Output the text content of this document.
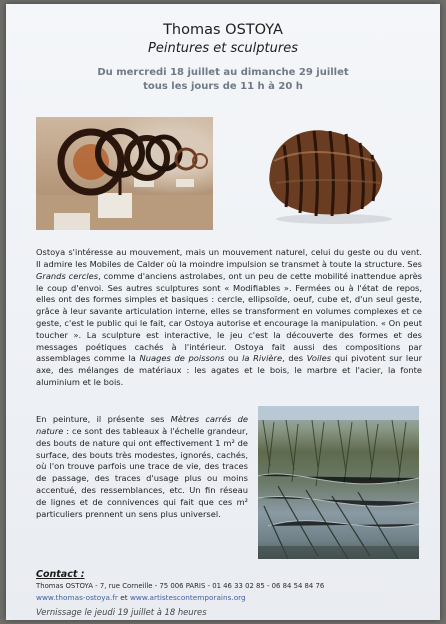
Thomas OSTOYA
Peintures et sculptures
Du mercredi 18 juillet au dimanche 29 juillet
tous les jours de 11 h à 20 h

Ostoya s'intéresse au mouvement, mais un mouvement naturel, celui du geste ou du vent. Il admire les Mobiles de Calder où la moindre impulsion se transmet à toute la structure. Ses Grands cercles, comme d'anciens astrolabes, ont un peu de cette mobilité inattendue après le coup d'envoi. Ses autres sculptures sont « Modifiables ». Fermées ou à l'état de repos, elles ont des formes simples et basiques : cercle, ellipsoïde, oeuf, cube et, d'un seul geste, grâce à leur savante articulation interne, elles se transforment en volumes complexes et ce geste, c'est le public qui le fait, car Ostoya autorise et encourage la manipulation. « On peut toucher ». La sculpture est interactive, le jeu c'est la découverte des formes et des messages poétiques cachés à l'intérieur. Ostoya fait aussi des compositions par assemblages comme la Nuages de poissons ou la Rivière, des Voiles qui pivotent sur leur axe, des mélanges de matériaux : les agates et le bois, le marbre et l'acier, la fonte aluminium et le bois.

En peinture, il présente ses Mètres carrés de nature : ce sont des tableaux à l'échelle grandeur, des bouts de nature qui ont effectivement 1 m² de surface, des bouts très modestes, ignorés, cachés, où l'on trouve parfois une trace de vie, des traces de passage, des traces d'usage plus ou moins accentué, des ressemblances, etc. Un fin réseau de lignes et de connivences qui fait que ces m² particuliers prennent un sens plus universel.

Contact :
Thomas OSTOYA - 7, rue Corneille - 75 006 PARIS - 01 46 33 02 85 - 06 84 54 84 76
www.thomas-ostoya.fr et www.artistescontemporains.org
Vernissage le jeudi 19 juillet à 18 heures
